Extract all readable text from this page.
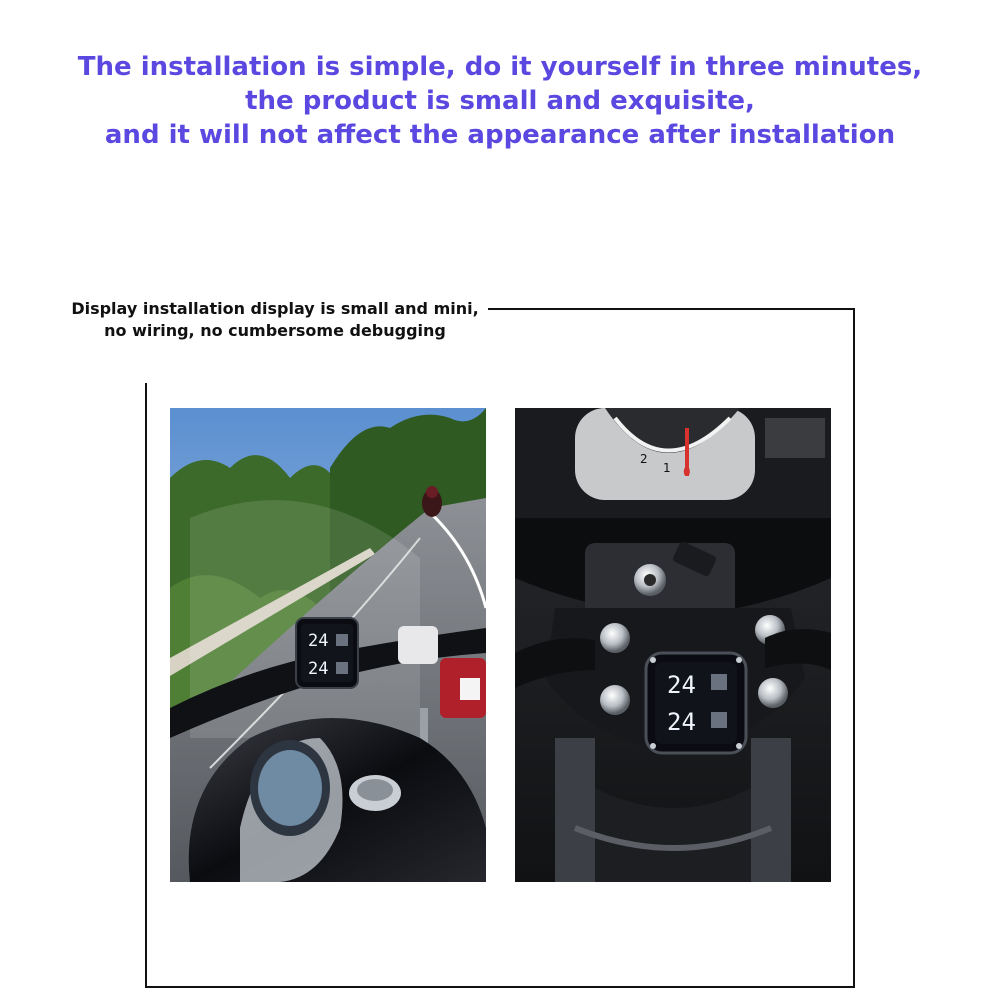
The installation is simple, do it yourself in three minutes,
the product is small and exquisite,
and it will not affect the appearance after installation
Display installation display is small and mini,
no wiring, no cumbersome debugging
24
24
2
1 0
24
24
